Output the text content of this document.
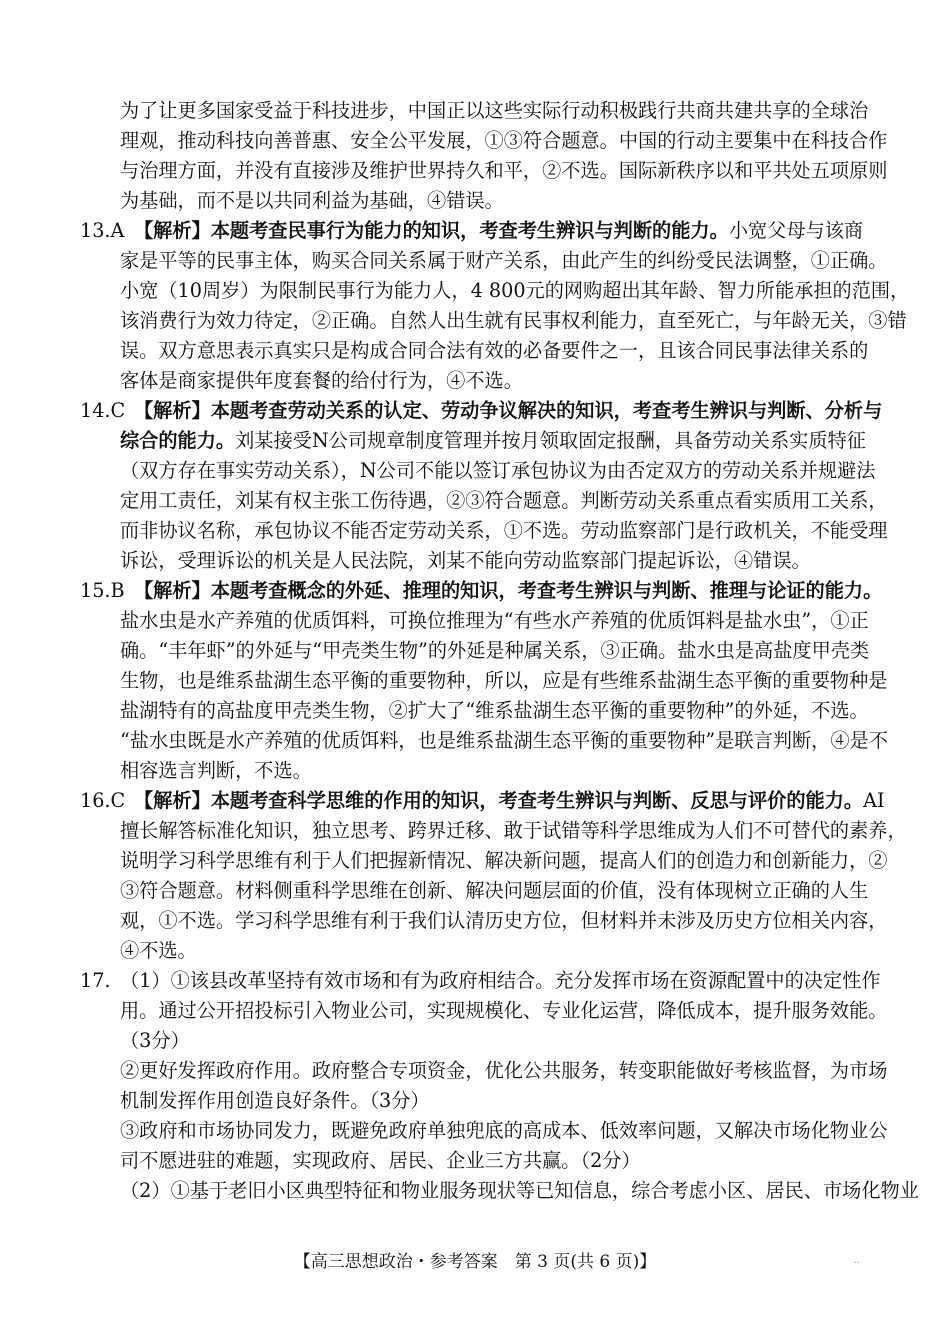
为了让更多国家受益于科技进步，中国正以这些实际行动积极践行共商共建共享的全球治
理观，推动科技向善普惠、安全公平发展，①③符合题意。中国的行动主要集中在科技合作
与治理方面，并没有直接涉及维护世界持久和平，②不选。国际新秩序以和平共处五项原则
为基础，而不是以共同利益为基础，④错误。
13.A 【解析】本题考查民事行为能力的知识，考查考生辨识与判断的能力。小宽父母与该商
家是平等的民事主体，购买合同关系属于财产关系，由此产生的纠纷受民法调整，①正确。
小宽（10周岁）为限制民事行为能力人，4 800元的网购超出其年龄、智力所能承担的范围，
该消费行为效力待定，②正确。自然人出生就有民事权利能力，直至死亡，与年龄无关，③错
误。双方意思表示真实只是构成合同合法有效的必备要件之一，且该合同民事法律关系的
客体是商家提供年度套餐的给付行为，④不选。
14.C 【解析】本题考查劳动关系的认定、劳动争议解决的知识，考查考生辨识与判断、分析与
综合的能力。刘某接受N公司规章制度管理并按月领取固定报酬，具备劳动关系实质特征
（双方存在事实劳动关系），N公司不能以签订承包协议为由否定双方的劳动关系并规避法
定用工责任，刘某有权主张工伤待遇，②③符合题意。判断劳动关系重点看实质用工关系，
而非协议名称，承包协议不能否定劳动关系，①不选。劳动监察部门是行政机关，不能受理
诉讼，受理诉讼的机关是人民法院，刘某不能向劳动监察部门提起诉讼，④错误。
15.B 【解析】本题考查概念的外延、推理的知识，考查考生辨识与判断、推理与论证的能力。
盐水虫是水产养殖的优质饵料，可换位推理为“有些水产养殖的优质饵料是盐水虫”，①正
确。“丰年虾”的外延与“甲壳类生物”的外延是种属关系，③正确。盐水虫是高盐度甲壳类
生物，也是维系盐湖生态平衡的重要物种，所以，应是有些维系盐湖生态平衡的重要物种是
盐湖特有的高盐度甲壳类生物，②扩大了“维系盐湖生态平衡的重要物种”的外延，不选。
“盐水虫既是水产养殖的优质饵料，也是维系盐湖生态平衡的重要物种”是联言判断，④是不
相容选言判断，不选。
16.C 【解析】本题考查科学思维的作用的知识，考查考生辨识与判断、反思与评价的能力。AI
擅长解答标准化知识，独立思考、跨界迁移、敢于试错等科学思维成为人们不可替代的素养，
说明学习科学思维有利于人们把握新情况、解决新问题，提高人们的创造力和创新能力，②
③符合题意。材料侧重科学思维在创新、解决问题层面的价值，没有体现树立正确的人生
观，①不选。学习科学思维有利于我们认清历史方位，但材料并未涉及历史方位相关内容，
④不选。
17. （1）①该县改革坚持有效市场和有为政府相结合。充分发挥市场在资源配置中的决定性作
用。通过公开招投标引入物业公司，实现规模化、专业化运营，降低成本，提升服务效能。
（3分）
②更好发挥政府作用。政府整合专项资金，优化公共服务，转变职能做好考核监督，为市场
机制发挥作用创造良好条件。（3分）
③政府和市场协同发力，既避免政府单独兜底的高成本、低效率问题，又解决市场化物业公
司不愿进驻的难题，实现政府、居民、企业三方共赢。（2分）
（2）①基于老旧小区典型特征和物业服务现状等已知信息，综合考虑小区、居民、市场化物业
【高三思想政治・参考答案　第 3 页(共 6 页)】	··
